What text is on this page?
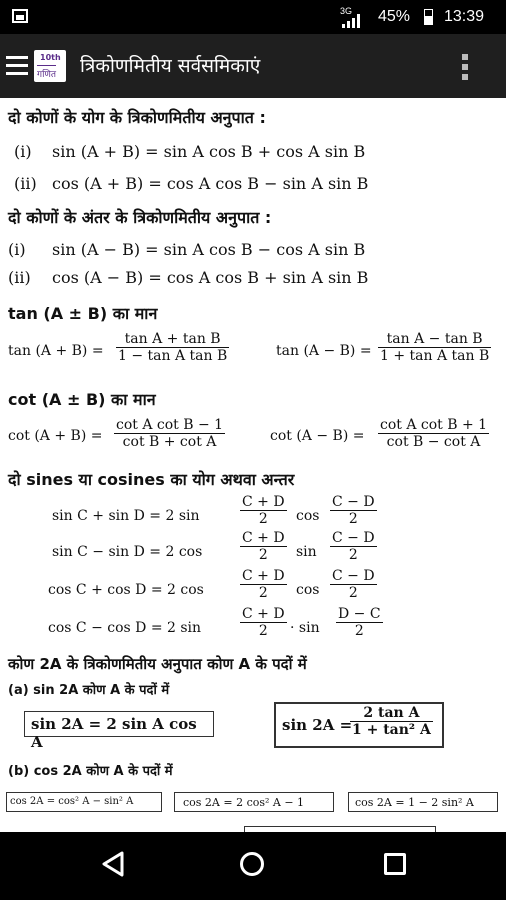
3G 45% 13:39
10th
गणित त्रिकोणमितीय सर्वसमिकाएं
दो कोणों के योग के त्रिकोणमितीय अनुपात :
(i) sin (A + B) = sin A cos B + cos A sin B
(ii) cos (A + B) = cos A cos B − sin A sin B
दो कोणों के अंतर के त्रिकोणमितीय अनुपात :
(i) sin (A − B) = sin A cos B − cos A sin B
(ii) cos (A − B) = cos A cos B + sin A sin B
tan (A ± B) का मान
$\tan (A + B) = \frac{\text{tan A + tan B}}{\text{1 − tan A tan B}}$	$\tan (A - B) = \frac{\text{tan A − tan B}}{\text{1 + tan A tan B}}$
cot (A ± B) का मान
$\cot (A + B) = \frac{\text{cot A cot B − 1}}{\text{cot B + cot A}}$	$\cot (A - B) = \frac{\text{cot A cot B + 1}}{\text{cot B − cot A}}$
दो sines या cosines का योग अथवा अन्तर
sin C + sin D = 2 sin	$\frac{C + D}{2}$ $\cos \frac{C - D}{2}$
sin C − sin D = 2 cos	$\frac{C + D}{2}$ $\sin \frac{C - D}{2}$
cos C + cos D = 2 cos	$\frac{C + D}{2}$ $\cos \frac{C - D}{2}$
cos C − cos D = 2 sin	$\frac{C + D}{2} \cdot \sin \frac{D - C}{2}$
कोण 2A के त्रिकोणमितीय अनुपात कोण A के पदों में
(a) sin 2A कोण A के पदों में
sin 2A = 2 sin A cos A
sin 2A =
$\frac{\text{2 tan A}}{\text{1 + tan² A}}$
(b) cos 2A कोण A के पदों में
cos 2A = cos² A − sin² A	cos 2A = 2 cos² A − 1	cos 2A = 1 − 2 sin² A
